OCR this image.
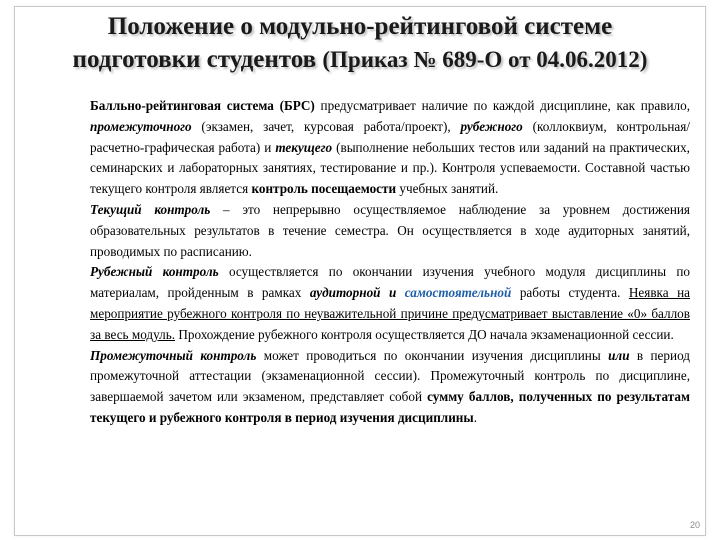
Положение о модульно-рейтинговой системе
подготовки студентов (Приказ № 689-О от 04.06.2012)

Балльно-рейтинговая система (БРС) предусматривает наличие по каждой дисциплине, как правило, промежуточного (экзамен, зачет, курсовая работа/проект), рубежного (коллоквиум, контрольная/расчетно-графическая работа) и текущего (выполнение небольших тестов или заданий на практических, семинарских и лабораторных занятиях, тестирование и пр.). Контроля успеваемости. Составной частью текущего контроля является контроль посещаемости учебных занятий.

Текущий контроль – это непрерывно осуществляемое наблюдение за уровнем достижения образовательных результатов в течение семестра. Он осуществляется в ходе аудиторных занятий, проводимых по расписанию.

Рубежный контроль осуществляется по окончании изучения учебного модуля дисциплины по материалам, пройденным в рамках аудиторной и самостоятельной работы студента. Неявка на мероприятие рубежного контроля по неуважительной причине предусматривает выставление «0» баллов за весь модуль. Прохождение рубежного контроля осуществляется ДО начала экзаменационной сессии.

Промежуточный контроль может проводиться по окончании изучения дисциплины или в период промежуточной аттестации (экзаменационной сессии). Промежуточный контроль по дисциплине, завершаемой зачетом или экзаменом, представляет собой сумму баллов, полученных по результатам текущего и рубежного контроля в период изучения дисциплины.

20
